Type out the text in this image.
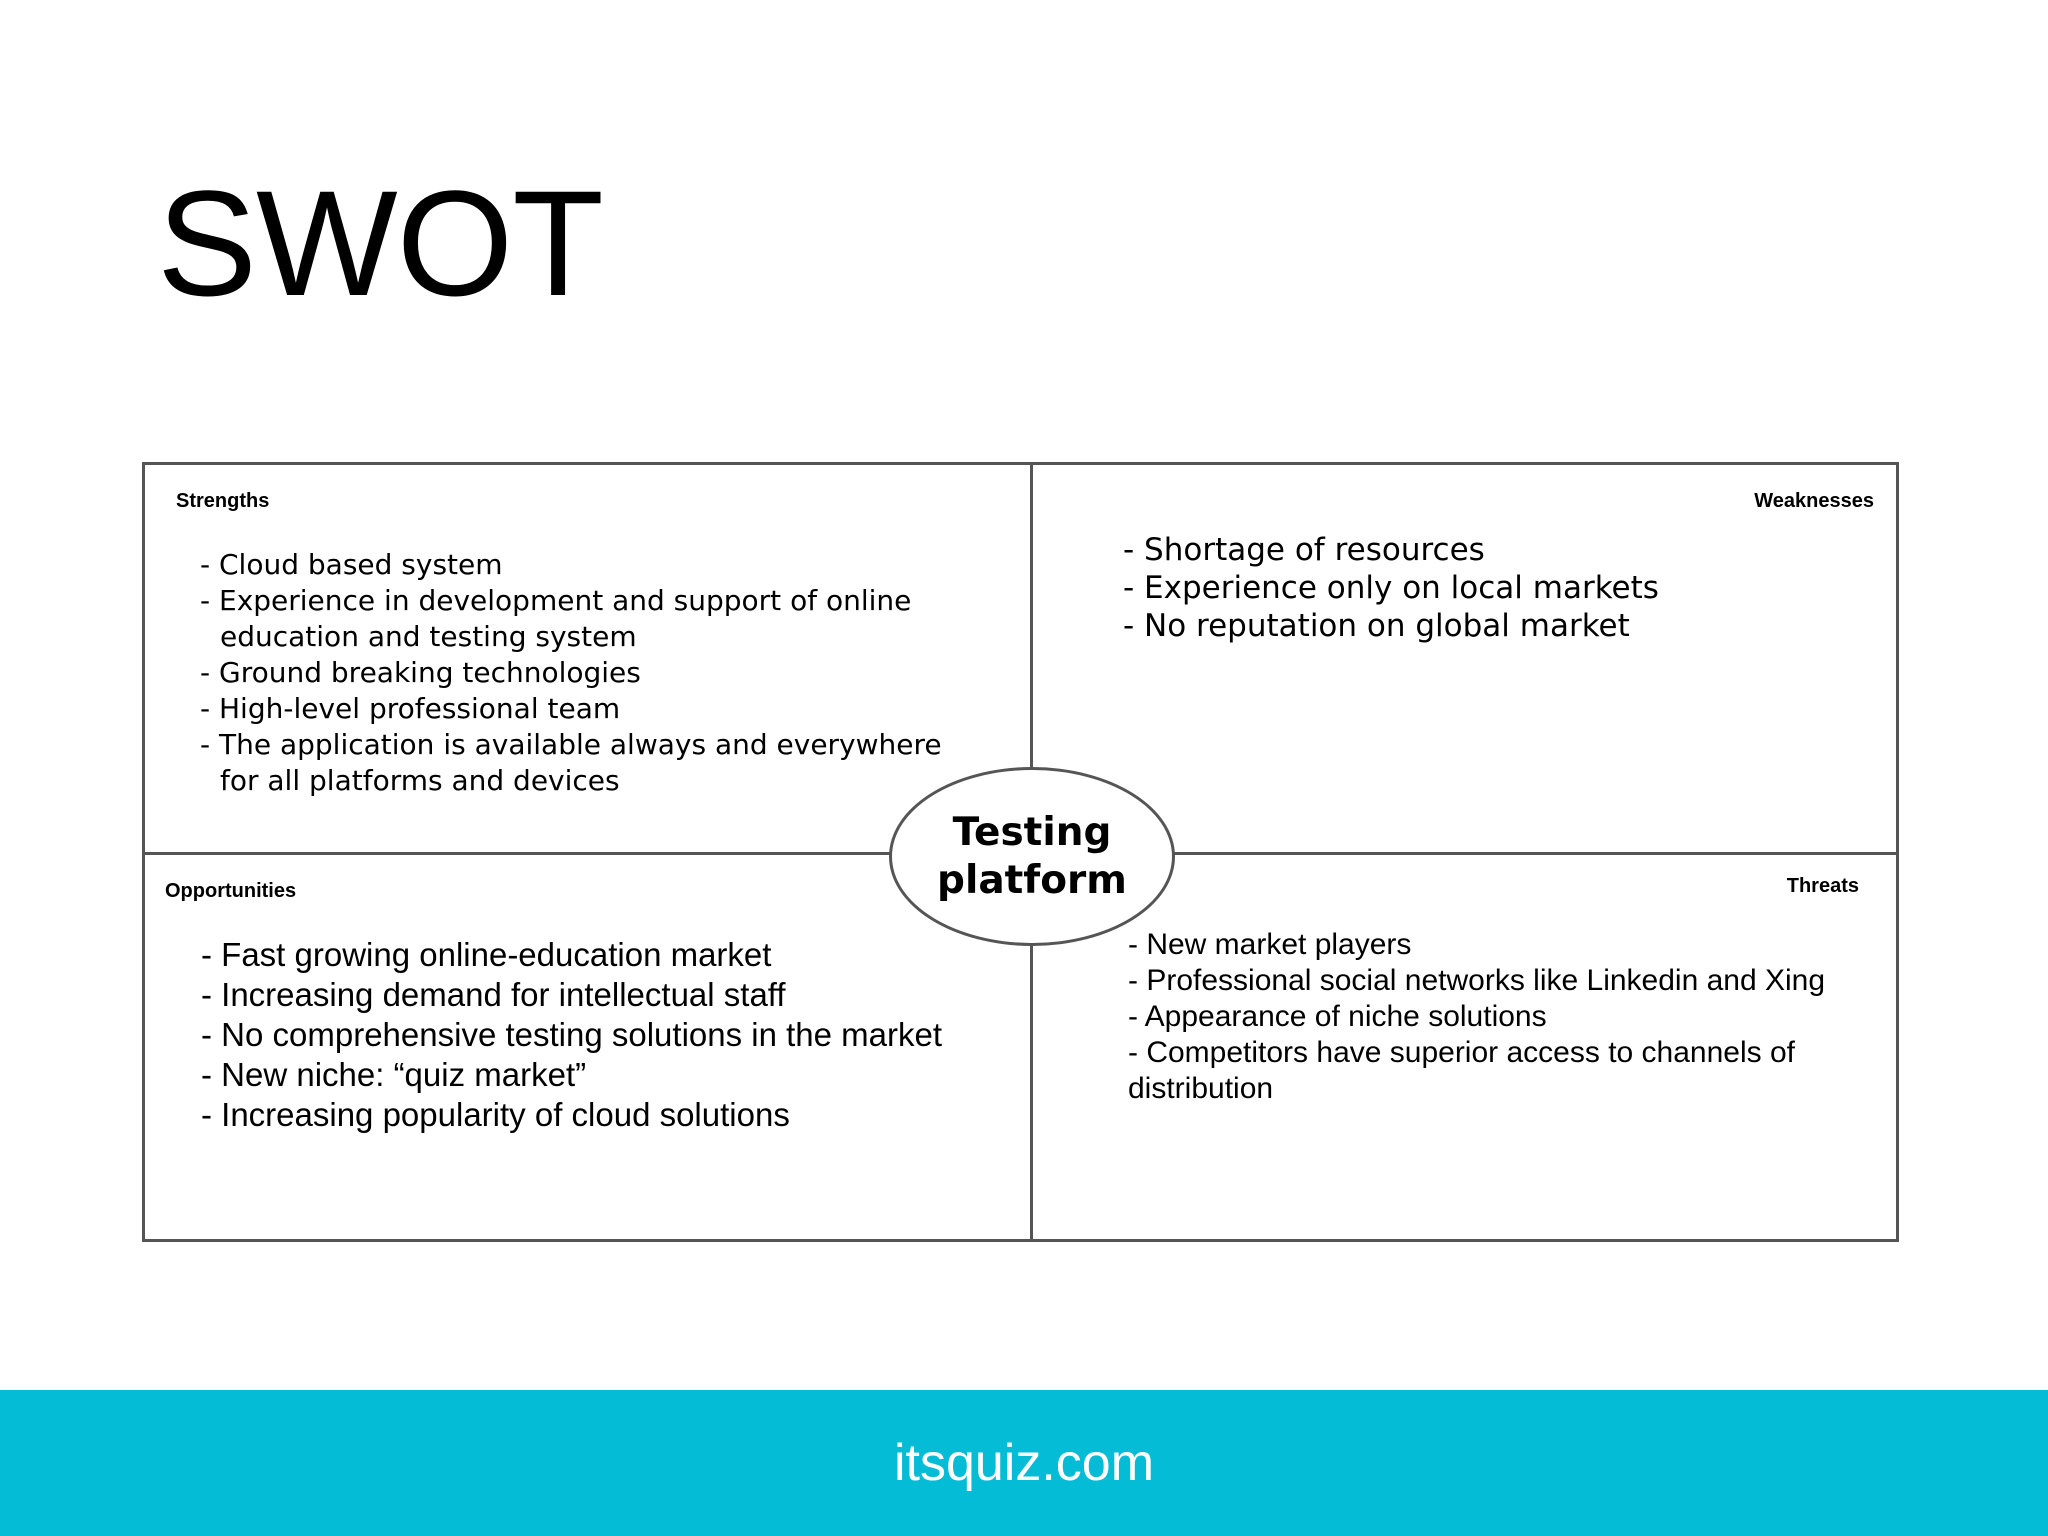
SWOT
Strengths
- Cloud based system
- Experience in development and support of online education and testing system
- Ground breaking technologies
- High-level professional team
- The application is available always and everywhere for all platforms and devices
Weaknesses
- Shortage of resources
- Experience only on local markets
- No reputation on global market
Opportunities
- Fast growing online-education market
- Increasing demand for intellectual staff
- No comprehensive testing solutions in the market
- New niche: “quiz market”
- Increasing popularity of cloud solutions
Threats
- New market players
- Professional social networks like Linkedin and Xing
- Appearance of niche solutions
- Competitors have superior access to channels of distribution
Testing
platform
itsquiz.com
